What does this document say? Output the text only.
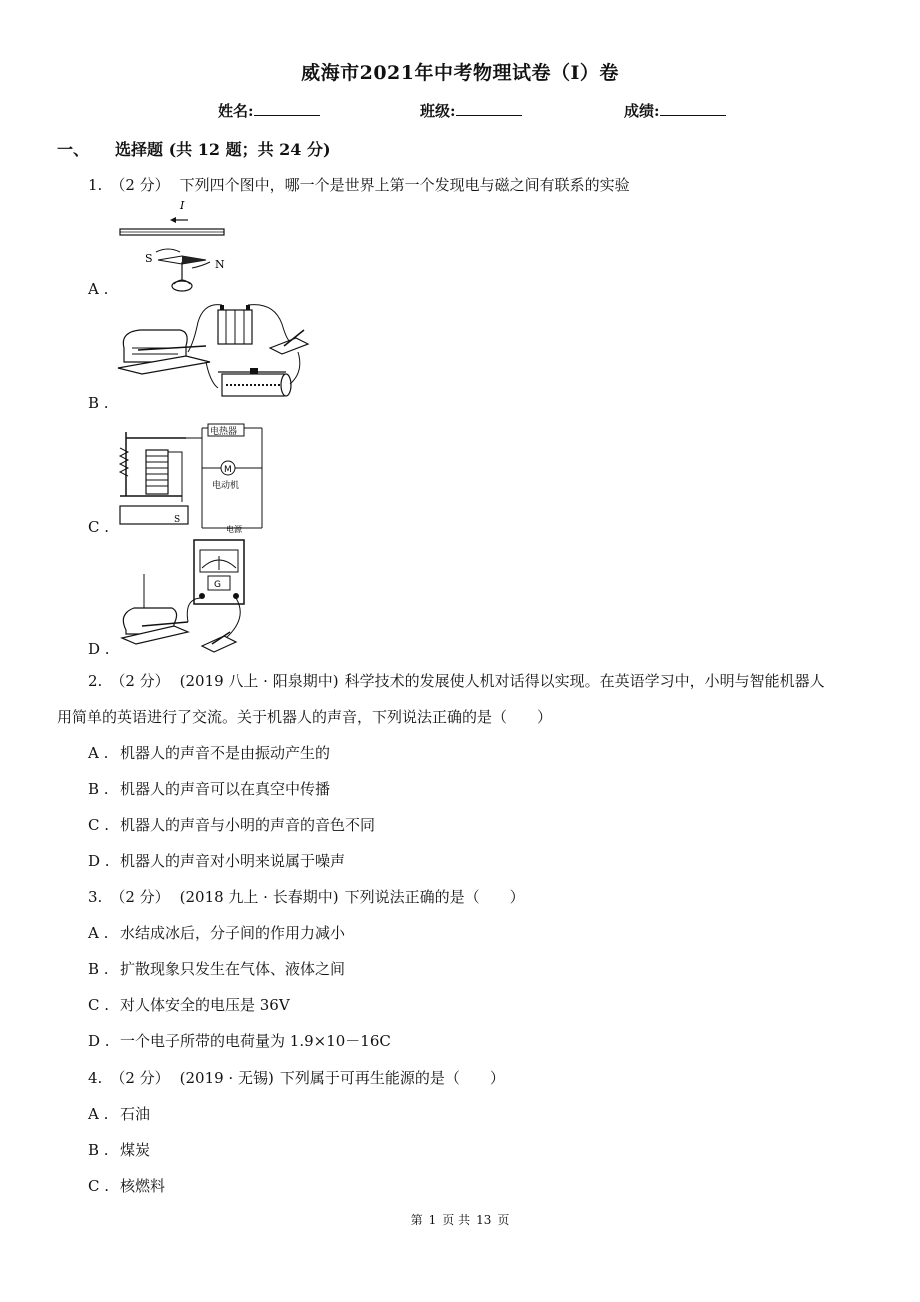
威海市2021年中考物理试卷（I）卷
姓名:	班级:	成绩:
一、 选择题 (共 12 题；共 24 分)
1. （2 分） 下列四个图中，哪一个是世界上第一个发现电与磁之间有联系的实验
I
S	N
A .
B .
S
电热器
M
电动机
电源
C .
G
D .
2. （2 分） (2019 八上 · 阳泉期中) 科学技术的发展使人机对话得以实现。在英语学习中，小明与智能机器人
用简单的英语进行了交流。关于机器人的声音，下列说法正确的是（　　）
A . 机器人的声音不是由振动产生的
B . 机器人的声音可以在真空中传播
C . 机器人的声音与小明的声音的音色不同
D . 机器人的声音对小明来说属于噪声
3. （2 分） (2018 九上 · 长春期中) 下列说法正确的是（　　）
A . 水结成冰后，分子间的作用力减小
B . 扩散现象只发生在气体、液体之间
C . 对人体安全的电压是 36V
D . 一个电子所带的电荷量为 1.9×10－16C
4. （2 分） (2019 · 无锡) 下列属于可再生能源的是（　　）
A . 石油
B . 煤炭
C . 核燃料
第 1 页 共 13 页
